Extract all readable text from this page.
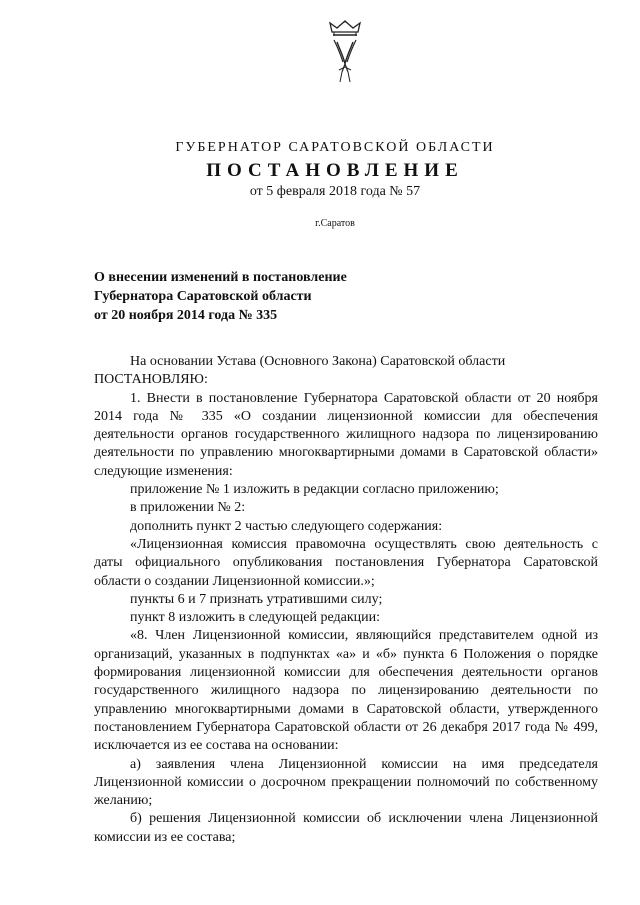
ГУБЕРНАТОР САРАТОВСКОЙ ОБЛАСТИ
ПОСТАНОВЛЕНИЕ
от 5 февраля 2018 года № 57
г.Саратов
О внесении изменений в постановление
Губернатора Саратовской области
от 20 ноября 2014 года № 335

На основании Устава (Основного Закона) Саратовской области

ПОСТАНОВЛЯЮ:

1. Внести в постановление Губернатора Саратовской области от 20 ноября 2014 года № 335 «О создании лицензионной комиссии для обеспечения деятельности органов государственного жилищного надзора по лицензированию деятельности по управлению многоквартирными домами в Саратовской области» следующие изменения:

приложение № 1 изложить в редакции согласно приложению;

в приложении № 2:

дополнить пункт 2 частью следующего содержания:

«Лицензионная комиссия правомочна осуществлять свою деятельность с даты официального опубликования постановления Губернатора Саратовской области о создании Лицензионной комиссии.»;

пункты 6 и 7 признать утратившими силу;

пункт 8 изложить в следующей редакции:

«8. Член Лицензионной комиссии, являющийся представителем одной из организаций, указанных в подпунктах «а» и «б» пункта 6 Положения о порядке формирования лицензионной комиссии для обеспечения деятельности органов государственного жилищного надзора по лицензированию деятельности по управлению многоквартирными домами в Саратовской области, утвержденного постановлением Губернатора Саратовской области от 26 декабря 2017 года № 499, исключается из ее состава на основании:

а) заявления члена Лицензионной комиссии на имя председателя Лицензионной комиссии о досрочном прекращении полномочий по собственному желанию;

б) решения Лицензионной комиссии об исключении члена Лицензионной комиссии из ее состава;
